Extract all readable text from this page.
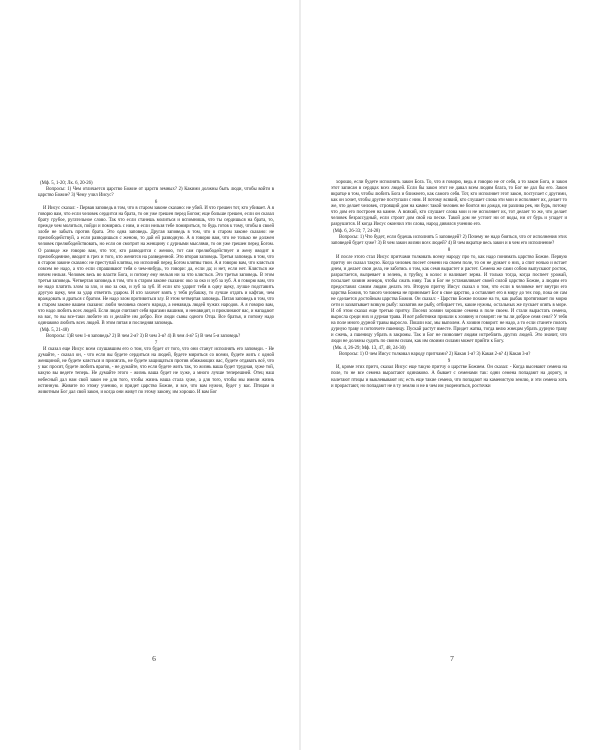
(Мф. 5, 1-20; Лк. 6, 20-26)

Вопросы: 1) Чем отличается царство Божие от царств земных? 2) Какими должны быть люди, чтобы войти в царство Божие? 3) Чему учил Иисус?

6

И Иисус сказал: - Первая заповедь в том, что в старом законе сказано: не убий. И что грешен тот, кто убивает. А я говорю вам, что если человек сердится на брата, то он уже грешен перед Богом; еще больше грешен, если он сказал брату грубое, ругательное слово. Так что если станешь молиться и вспомнишь, что ты сердишься на брата, то, прежде чем молиться, пойди и помирись с ним, и если нельзя тебе помириться, то будь готов к тому, чтобы в своей злобе не забыть против брата. Это одна заповедь. Другая заповедь в том, что в старом законе сказано: не прелюбодействуй, а если разводишься с женою, то дай ей разводную. А я говорю вам, что не только не должен человек прелюбодействовать, но если он смотрит на женщину с дурными мыслями, то он уже грешен перед Богом. О разводе же говорю вам, что тот, кто разводится с женою, тот сам прелюбодействует и жену вводит в прелюбодеяние, вводит в грех и того, кто женится на разведенной. Это вторая заповедь. Третья заповедь в том, что в старом законе сказано: не преступай клятвы, но исполняй перед Богом клятвы твои. А я говорю вам, что клясться совсем не надо, а что если спрашивают тебя о чем-нибудь, то говори: да, если да; и нет, если нет. Клясться же ничем нельзя. Человек весь во власти Бога, и потому ему нельзя ни за что клясться. Это третья заповедь. В этом третья заповедь. Четвертая заповедь в том, что в старом законе сказано: око за око и зуб за зуб. А я говорю вам, что не надо платить злом за зло, и око за око, и зуб за зуб. И если кто ударит тебя в одну щеку, лучше подставить другую щеку, чем за удар ответить ударом. И кто захочет взять у тебя рубашку, то лучше отдать и кафтан, чем враждовать и драться с братом. Не надо злом противиться злу. В этом четвертая заповедь. Пятая заповедь в том, что в старом законе вашем сказано: люби человека своего народа, а ненавидь людей чужих народов. А я говорю вам, что надо любить всех людей. Если люди считают себя врагами вашими, и ненавидят, и проклинают вас, и нападают на вас, то вы все-таки любите их и делайте им добро. Все люди сыны одного Отца. Все братья, и потому надо одинаково любить всех людей. В этом пятая и последняя заповедь.

(Мф. 5, 21-48)

Вопросы: 1)В чем 1-я заповедь? 2) В чем 2-я? 3) В чем 3-я? 4) В чем 4-я? 5) В чем 5-я заповедь?

7

И сказал еще Иисус всем слушавшим его о том, что будет от того, что они станут исполнять его заповеди. - Не думайте, - сказал он, - что если вы будете сердиться на людей, будете мириться со всеми, будете жить с одной женщиной, не будете клясться и присягать, не будете защищаться против обижающих вас, будете отдавать всё, что у вас просят, будете любить врагов, - не думайте, что если будете жить так, то жизнь ваша будет трудная, хуже той, какую вы ведете теперь. Не думайте этого - жизнь ваша будет не хуже, а много лучше теперешней. Отец наш небесный дал нам свой закон не для того, чтобы жизнь наша стала хуже, а для того, чтобы мы имели жизнь истинную. Живите по этому учению, и придет царство Божие, и все, что вам нужно, будет у вас. Птицам и животным Бог дал свой закон, и когда они живут по этому закону, им хорошо. И вам Бог

6

хорошо, если будете исполнять закон Бога. То, что я говорю, ведь я говорю не от себя, а то закон Бога, и закон этот записан в сердцах всех людей. Если бы закон этот не давал всем людям блага, то Бог не дал бы его. Закон вкратце в том, чтобы любить Бога и ближнего, как самого себя. Тот, кто исполняет этот закон, поступает с другими, как он хочет, чтобы другие поступали с ним. И потому всякий, кто слушает слова эти мои и исполняет их, делает то же, что делает человек, строящий дом на камне: такой человек не боится ни дождя, ни разлива рек, ни бурь, потому что дом его построен на камне. А всякий, кто слушает слова мои и не исполняет их, тот делает то же, что делает человек безрассудный, если строит дом свой на песке. Такой дом не устоит ни от воды, ни от бурь и упадет и разрушится. И когда Иисус окончил эти слова, народ дивился учению его.

(Мф. 6, 26-33; 7, 24-28)

Вопросы: 1) Что будет, если будешь исполнять 5 заповедей? 2) Почему не надо бояться, что от исполнения этих заповедей будет хуже? 3) В чем закон жизни всех людей? 4) В чем вкратце весь закон и в чем его исполнение?

8

И после этого стал Иисус притчами толковать всему народу про то, как надо понимать царство Божие. Первую притчу он сказал такую. Когда человек посеет семени на своем поле, то он не думает о них, а спит ночью и встает днем, и делает свои дела, не заботясь о том, как семя вырастет и растет. Семена же сами собою выпускают росток, разрастается, вызревает в зелень, в трубку, в колос и наливает зерна. И только тогда, когда поспеет урожай, посылает хозяин жнецов, чтобы сжать ниву. Так и Бог не устанавливает своей силой царство Божие, а людям его предоставил самим людям делать это. Вторую притчу Иисус сказал о том, что если в человеке нет внутри его царства Божия, то такого человека не принимает Бог в свое царство, а оставляет его в миру до тех пор, пока он сам не сделается достойным царства Божия. Он сказал: - Царство Божие похоже на то, как рыбак протягивает по морю сети и захватывает всякую рыбу: захватив же рыбу, отбирает тех, какие нужны, остальных же пускает опять в море. И об этом сказал еще третью притчу. Посеял хозяин хорошие семена в поле своем. И стали вырастать семена, выросла среди них и дурная трава. И вот работники пришли к хозяину и говорят: не ты ли доброе семя сеял? У тебя на поле много дурной травы выросло. Пошли нас, мы выполем. А хозяин говорит: не надо, а то если станете полоть дурную траву и потопчете пшеницу. Пускай растут вместе. Придет жатва, тогда велю жнецам убрать дурную траву и сжечь, а пшеницу убрать в закромы. Так и Бог не позволяет людям истреблять других людей. Это значит, что люди не должны судить по своим силам, как им своими силами может прийти к Богу.

(Мк. 4, 26-29; Мф. 13, 47, 48, 24-30)

Вопросы: 1) О чем Иисус толковал народу притчами? 2) Какая 1-я? 3) Какая 2-я? 4) Какая 3-я?

9

И, кроме этих притч, сказал Иисус еще такую притчу о царстве Божием. Он сказал: - Когда высевают семена на поле, то не все семена вырастают одинаково. А бывает с семенами так: одни семена попадают на дорогу, и налетают птицы и выклевывают их; есть еще такие семена, что попадают на каменистую землю, и эти семена хоть и прорастают, но попадают не в ту землю и не в чем им укорениться, росточки

7
